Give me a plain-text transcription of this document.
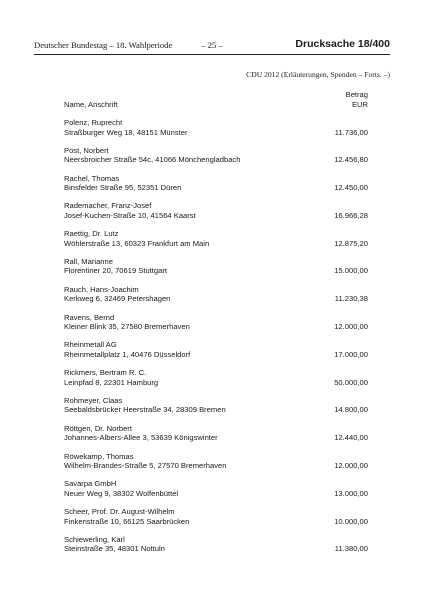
Deutscher Bundestag – 18. Wahlperiode	– 25 –	Drucksache 18/400
CDU 2012 (Erläuterungen, Spenden – Forts. –)
Name, Anschrift
Betrag
EUR
Polenz, Ruprecht
Straßburger Weg 18, 48151 Münster	11.736,00
Post, Norbert
Neersbroicher Straße 54c, 41066 Mönchengladbach	12.456,80
Rachel, Thomas
Binsfelder Straße 95, 52351 Düren	12.450,00
Rademacher, Franz-Josef
Josef-Kuchen-Straße 10, 41564 Kaarst	16.966,28
Raettig, Dr. Lutz
Wöhlerstraße 13, 60323 Frankfurt am Main	12.875,20
Rall, Marianne
Florentiner 20, 70619 Stuttgart	15.000,00
Rauch, Hans-Joachim
Kerkweg 6, 32469 Petershagen	11.230,38
Ravens, Bernd
Kleiner Blink 35, 27580 Bremerhaven	12.000,00
Rheinmetall AG
Rheinmetallplatz 1, 40476 Düsseldorf	17.000,00
Rickmers, Bertram R. C.
Leinpfad 8, 22301 Hamburg	50.000,00
Rohmeyer, Claas
Seebaldsbrücker Heerstraße 34, 28309 Bremen	14.800,00
Röttgen, Dr. Norbert
Johannes-Albers-Allee 3, 53639 Königswinter	12.440,00
Röwekamp, Thomas
Wilhelm-Brandes-Straße 5, 27570 Bremerhaven	12.000,00
Savarpa GmbH
Neuer Weg 9, 38302 Wolfenbüttel	13.000,00
Scheer, Prof. Dr. August-Wilhelm
Finkenstraße 10, 66125 Saarbrücken	10.000,00
Schiewerling, Karl
Steinstraße 35, 48301 Nottuln	11.380,00
